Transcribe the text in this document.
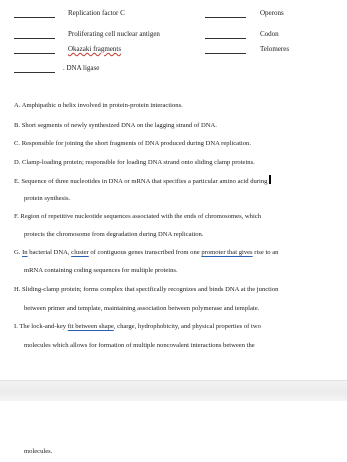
Replication factor C
Proliferating cell nuclear antigen
Okazaki fragments
. DNA ligase
Operons
Codon
Telomeres
A. Amphipathic α helix involved in protein-protein interactions.
B. Short segments of newly synthesized DNA on the lagging strand of DNA.
C. Responsible for joining the short fragments of DNA produced during DNA replication.
D. Clamp-loading protein; responsible for loading DNA strand onto sliding clamp proteins.
E. Sequence of three nucleotides in DNA or mRNA that specifies a particular amino acid during
protein synthesis.
F. Region of repetitive nucleotide sequences associated with the ends of chromosomes, which
protects the chromosome from degradation during DNA replication.
G. In bacterial DNA, cluster of contiguous genes transcribed from one promoter that gives rise to an
mRNA containing coding sequences for multiple proteins.
H. Sliding-clamp protein; forms complex that specifically recognizes and binds DNA at the junction
between primer and template, maintaining association between polymerase and template.
I. The lock-and-key fit between shape, charge, hydrophobicity, and physical properties of two
molecules which allows for formation of multiple noncovalent interactions between the
molecules.
